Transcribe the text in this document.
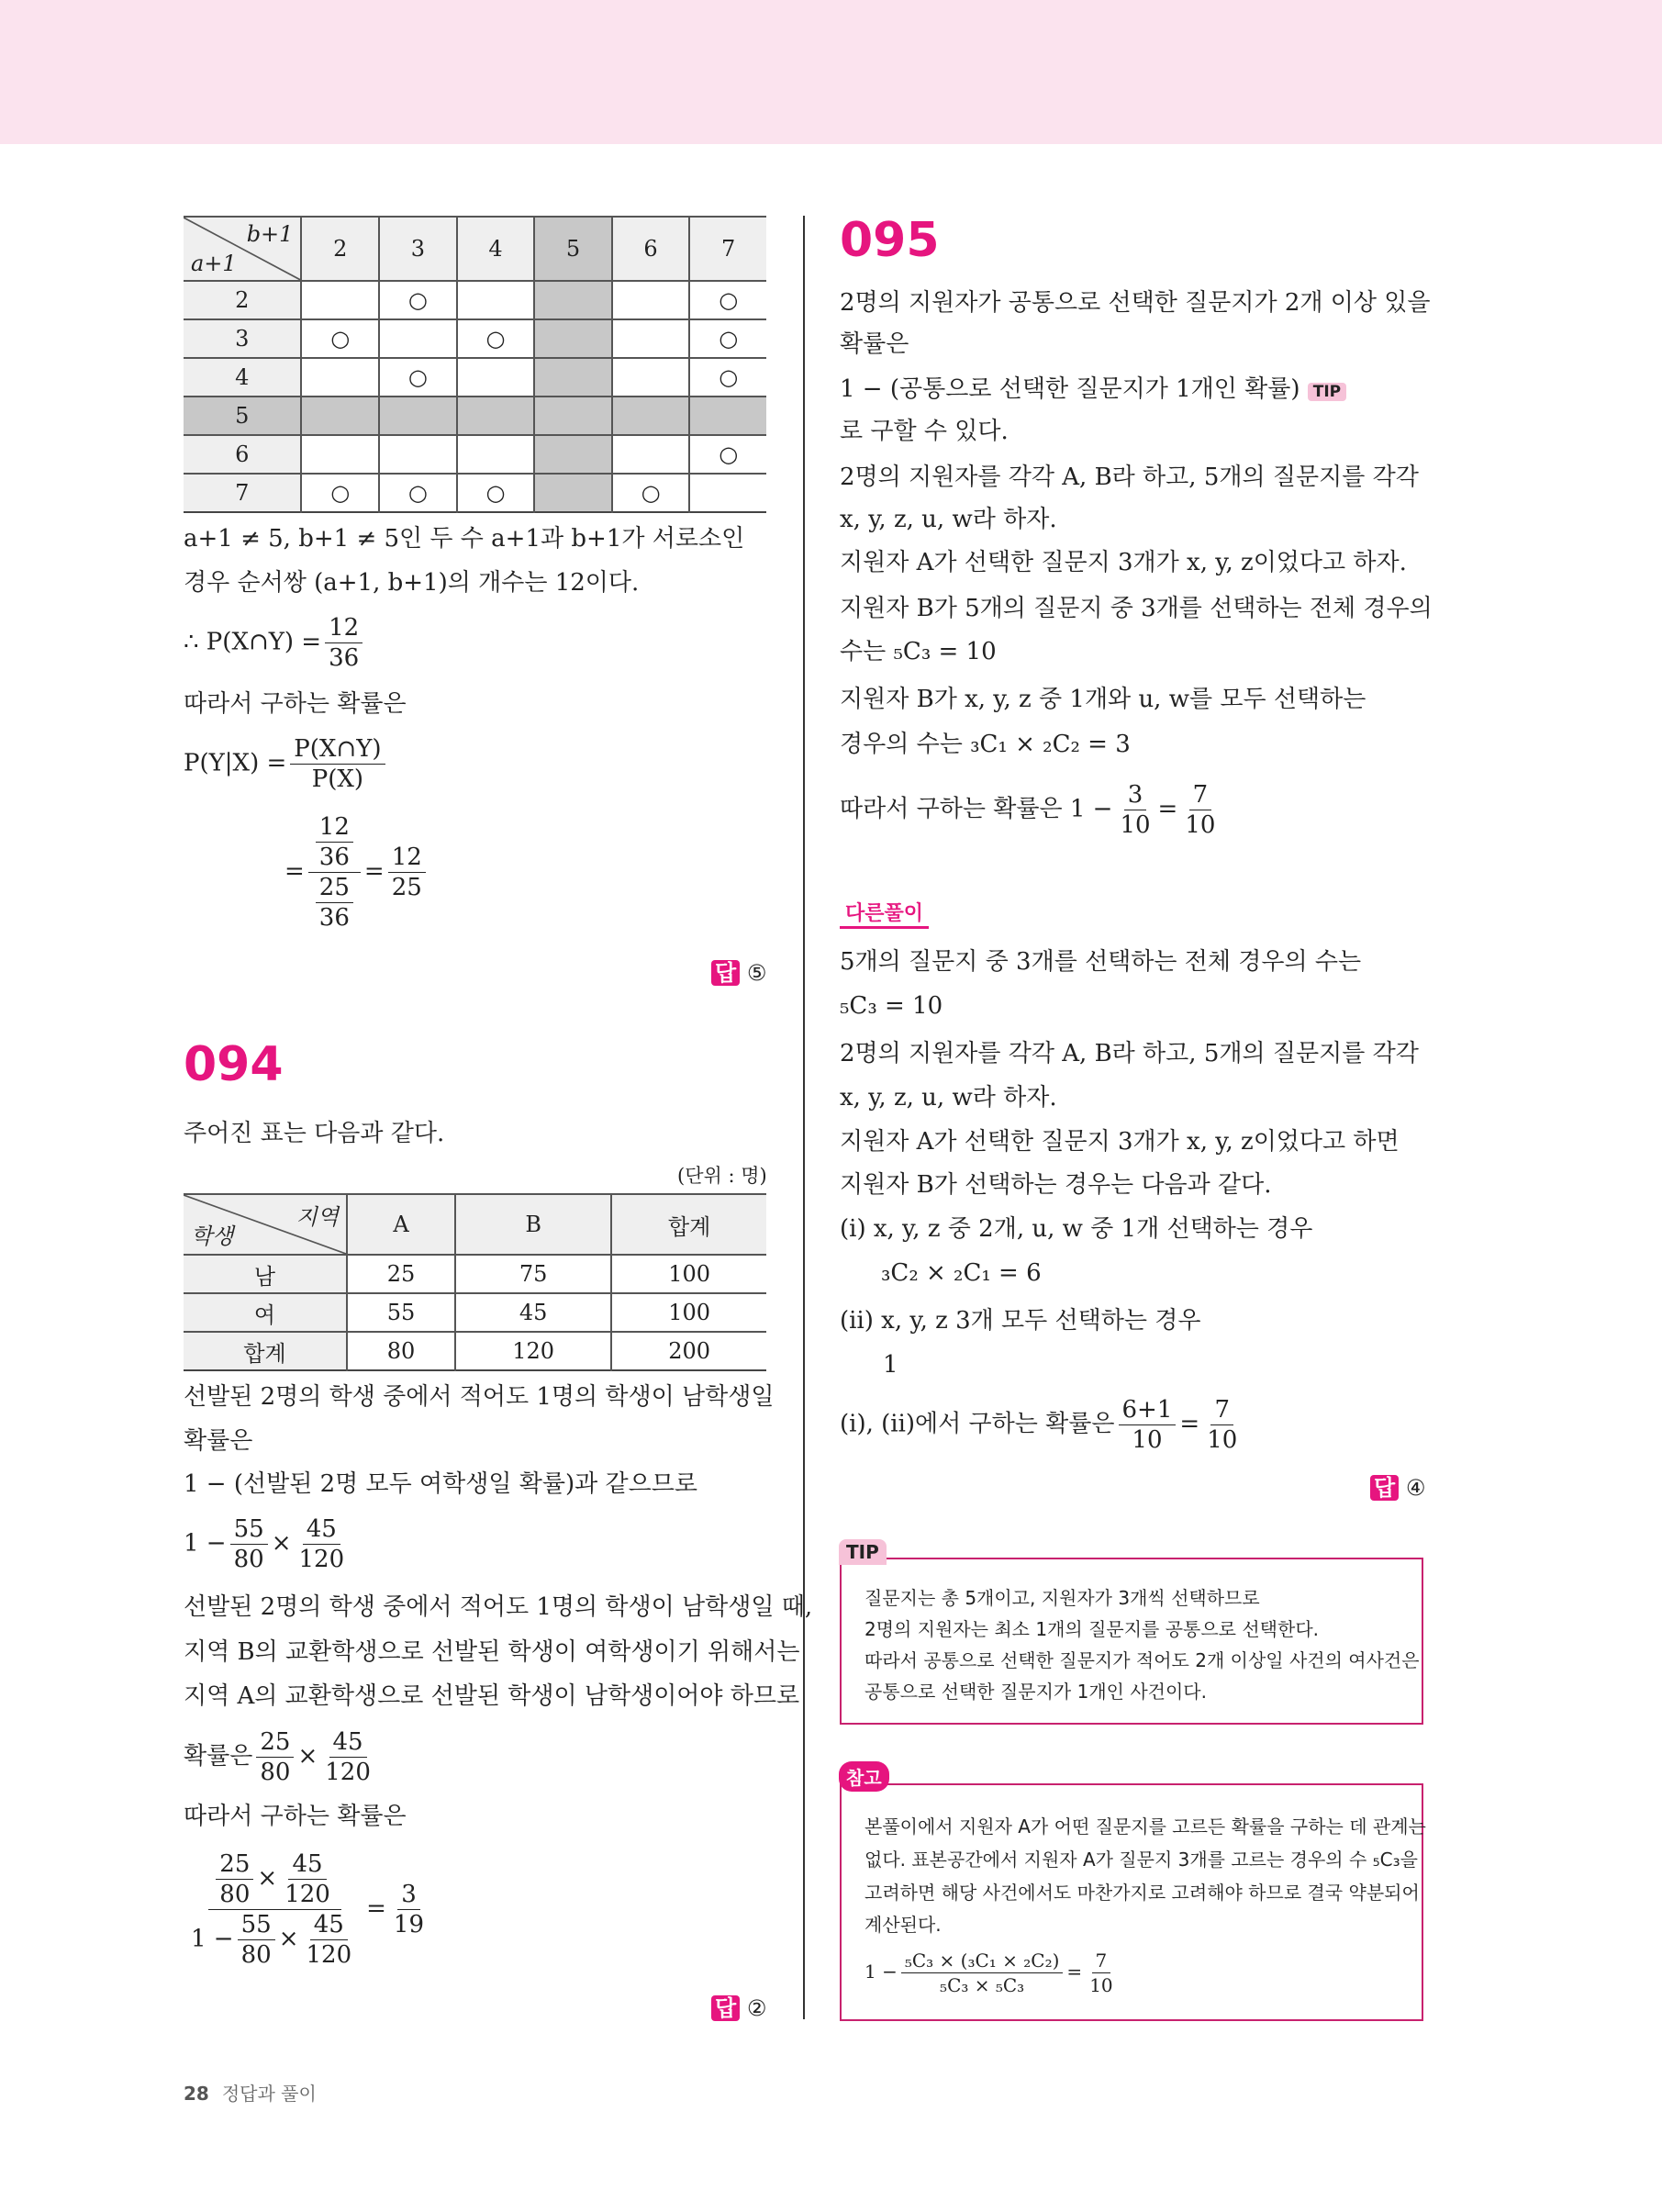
b+1
a+1	2	3	4	5	6	7
2		○				○
3	○		○			○
4		○				○
5						
6						○
7	○	○	○		○	
a+1 ≠ 5, b+1 ≠ 5인 두 수 a+1과 b+1가 서로소인
경우 순서쌍 (a+1, b+1)의 개수는 12이다.
∴ P(X∩Y) = $\frac{12}{36}$
따라서 구하는 확률은
$P(Y|X) = \frac{P(X\cap Y)}{P(X)}$
= $\frac{\frac{12}{36}}{\frac{25}{36}} = \frac{12}{25}$
답 ⑤
094
주어진 표는 다음과 같다.
(단위 : 명)
지역
학생	A	B	합계
남	25	75	100
여	55	45	100
합계	80	120	200
선발된 2명의 학생 중에서 적어도 1명의 학생이 남학생일
확률은
1 − (선발된 2명 모두 여학생일 확률)과 같으므로
$1 - \frac{55}{80} \times \frac{45}{120}$
선발된 2명의 학생 중에서 적어도 1명의 학생이 남학생일 때,
지역 B의 교환학생으로 선발된 학생이 여학생이기 위해서는
지역 A의 교환학생으로 선발된 학생이 남학생이어야 하므로
확률은 $\frac{25}{80} \times \frac{45}{120}$
따라서 구하는 확률은
$\frac{\frac{25}{80} \times \frac{45}{120}}{1 - \frac{55}{80} \times \frac{45}{120}} = \frac{3}{19}$
답 ②
28 정답과 풀이
095
2명의 지원자가 공통으로 선택한 질문지가 2개 이상 있을
확률은
1 − (공통으로 선택한 질문지가 1개인 확률) TIP
로 구할 수 있다.
2명의 지원자를 각각 A, B라 하고, 5개의 질문지를 각각
x, y, z, u, w라 하자.
지원자 A가 선택한 질문지 3개가 x, y, z이었다고 하자.
지원자 B가 5개의 질문지 중 3개를 선택하는 전체 경우의
수는 ₅C₃ = 10
지원자 B가 x, y, z 중 1개와 u, w를 모두 선택하는
경우의 수는 ₃C₁ × ₂C₂ = 3
따라서 구하는 확률은 $1 - \frac{3}{10} = \frac{7}{10}$
다른풀이
5개의 질문지 중 3개를 선택하는 전체 경우의 수는
₅C₃ = 10
2명의 지원자를 각각 A, B라 하고, 5개의 질문지를 각각
x, y, z, u, w라 하자.
지원자 A가 선택한 질문지 3개가 x, y, z이었다고 하면
지원자 B가 선택하는 경우는 다음과 같다.
(ⅰ) x, y, z 중 2개, u, w 중 1개 선택하는 경우
₃C₂ × ₂C₁ = 6
(ⅱ) x, y, z 3개 모두 선택하는 경우
1
(ⅰ), (ⅱ)에서 구하는 확률은 $\frac{6+1}{10} = \frac{7}{10}$
답 ④
TIP
질문지는 총 5개이고, 지원자가 3개씩 선택하므로
2명의 지원자는 최소 1개의 질문지를 공통으로 선택한다.
따라서 공통으로 선택한 질문지가 적어도 2개 이상일 사건의 여사건은
공통으로 선택한 질문지가 1개인 사건이다.
참고
본풀이에서 지원자 A가 어떤 질문지를 고르든 확률을 구하는 데 관계는
없다. 표본공간에서 지원자 A가 질문지 3개를 고르는 경우의 수 ₅C₃을
고려하면 해당 사건에서도 마찬가지로 고려해야 하므로 결국 약분되어
계산된다.
$1 - \frac{\text{₅C₃ × (₃C₁ × ₂C₂)}}{\text{₅C₃ × ₅C₃}} = \frac{7}{10}$
